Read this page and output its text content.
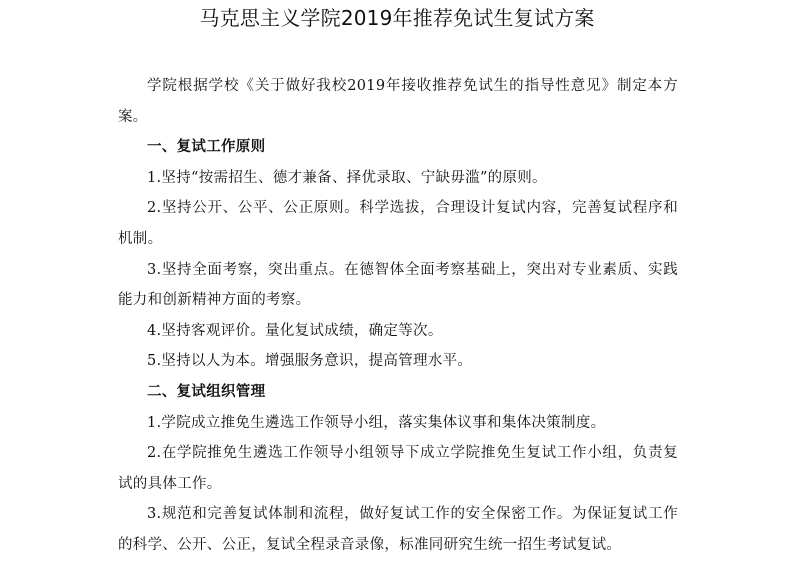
马克思主义学院2019年推荐免试生复试方案

学院根据学校《关于做好我校2019年接收推荐免试生的指导性意见》制定本方案。

一、复试工作原则

1.坚持“按需招生、德才兼备、择优录取、宁缺毋滥”的原则。

2.坚持公开、公平、公正原则。科学选拔，合理设计复试内容，完善复试程序和机制。

3.坚持全面考察，突出重点。在德智体全面考察基础上，突出对专业素质、实践能力和创新精神方面的考察。

4.坚持客观评价。量化复试成绩，确定等次。

5.坚持以人为本。增强服务意识，提高管理水平。

二、复试组织管理

1.学院成立推免生遴选工作领导小组，落实集体议事和集体决策制度。

2.在学院推免生遴选工作领导小组领导下成立学院推免生复试工作小组，负责复试的具体工作。

3.规范和完善复试体制和流程，做好复试工作的安全保密工作。为保证复试工作的科学、公开、公正，复试全程录音录像，标准同研究生统一招生考试复试。
